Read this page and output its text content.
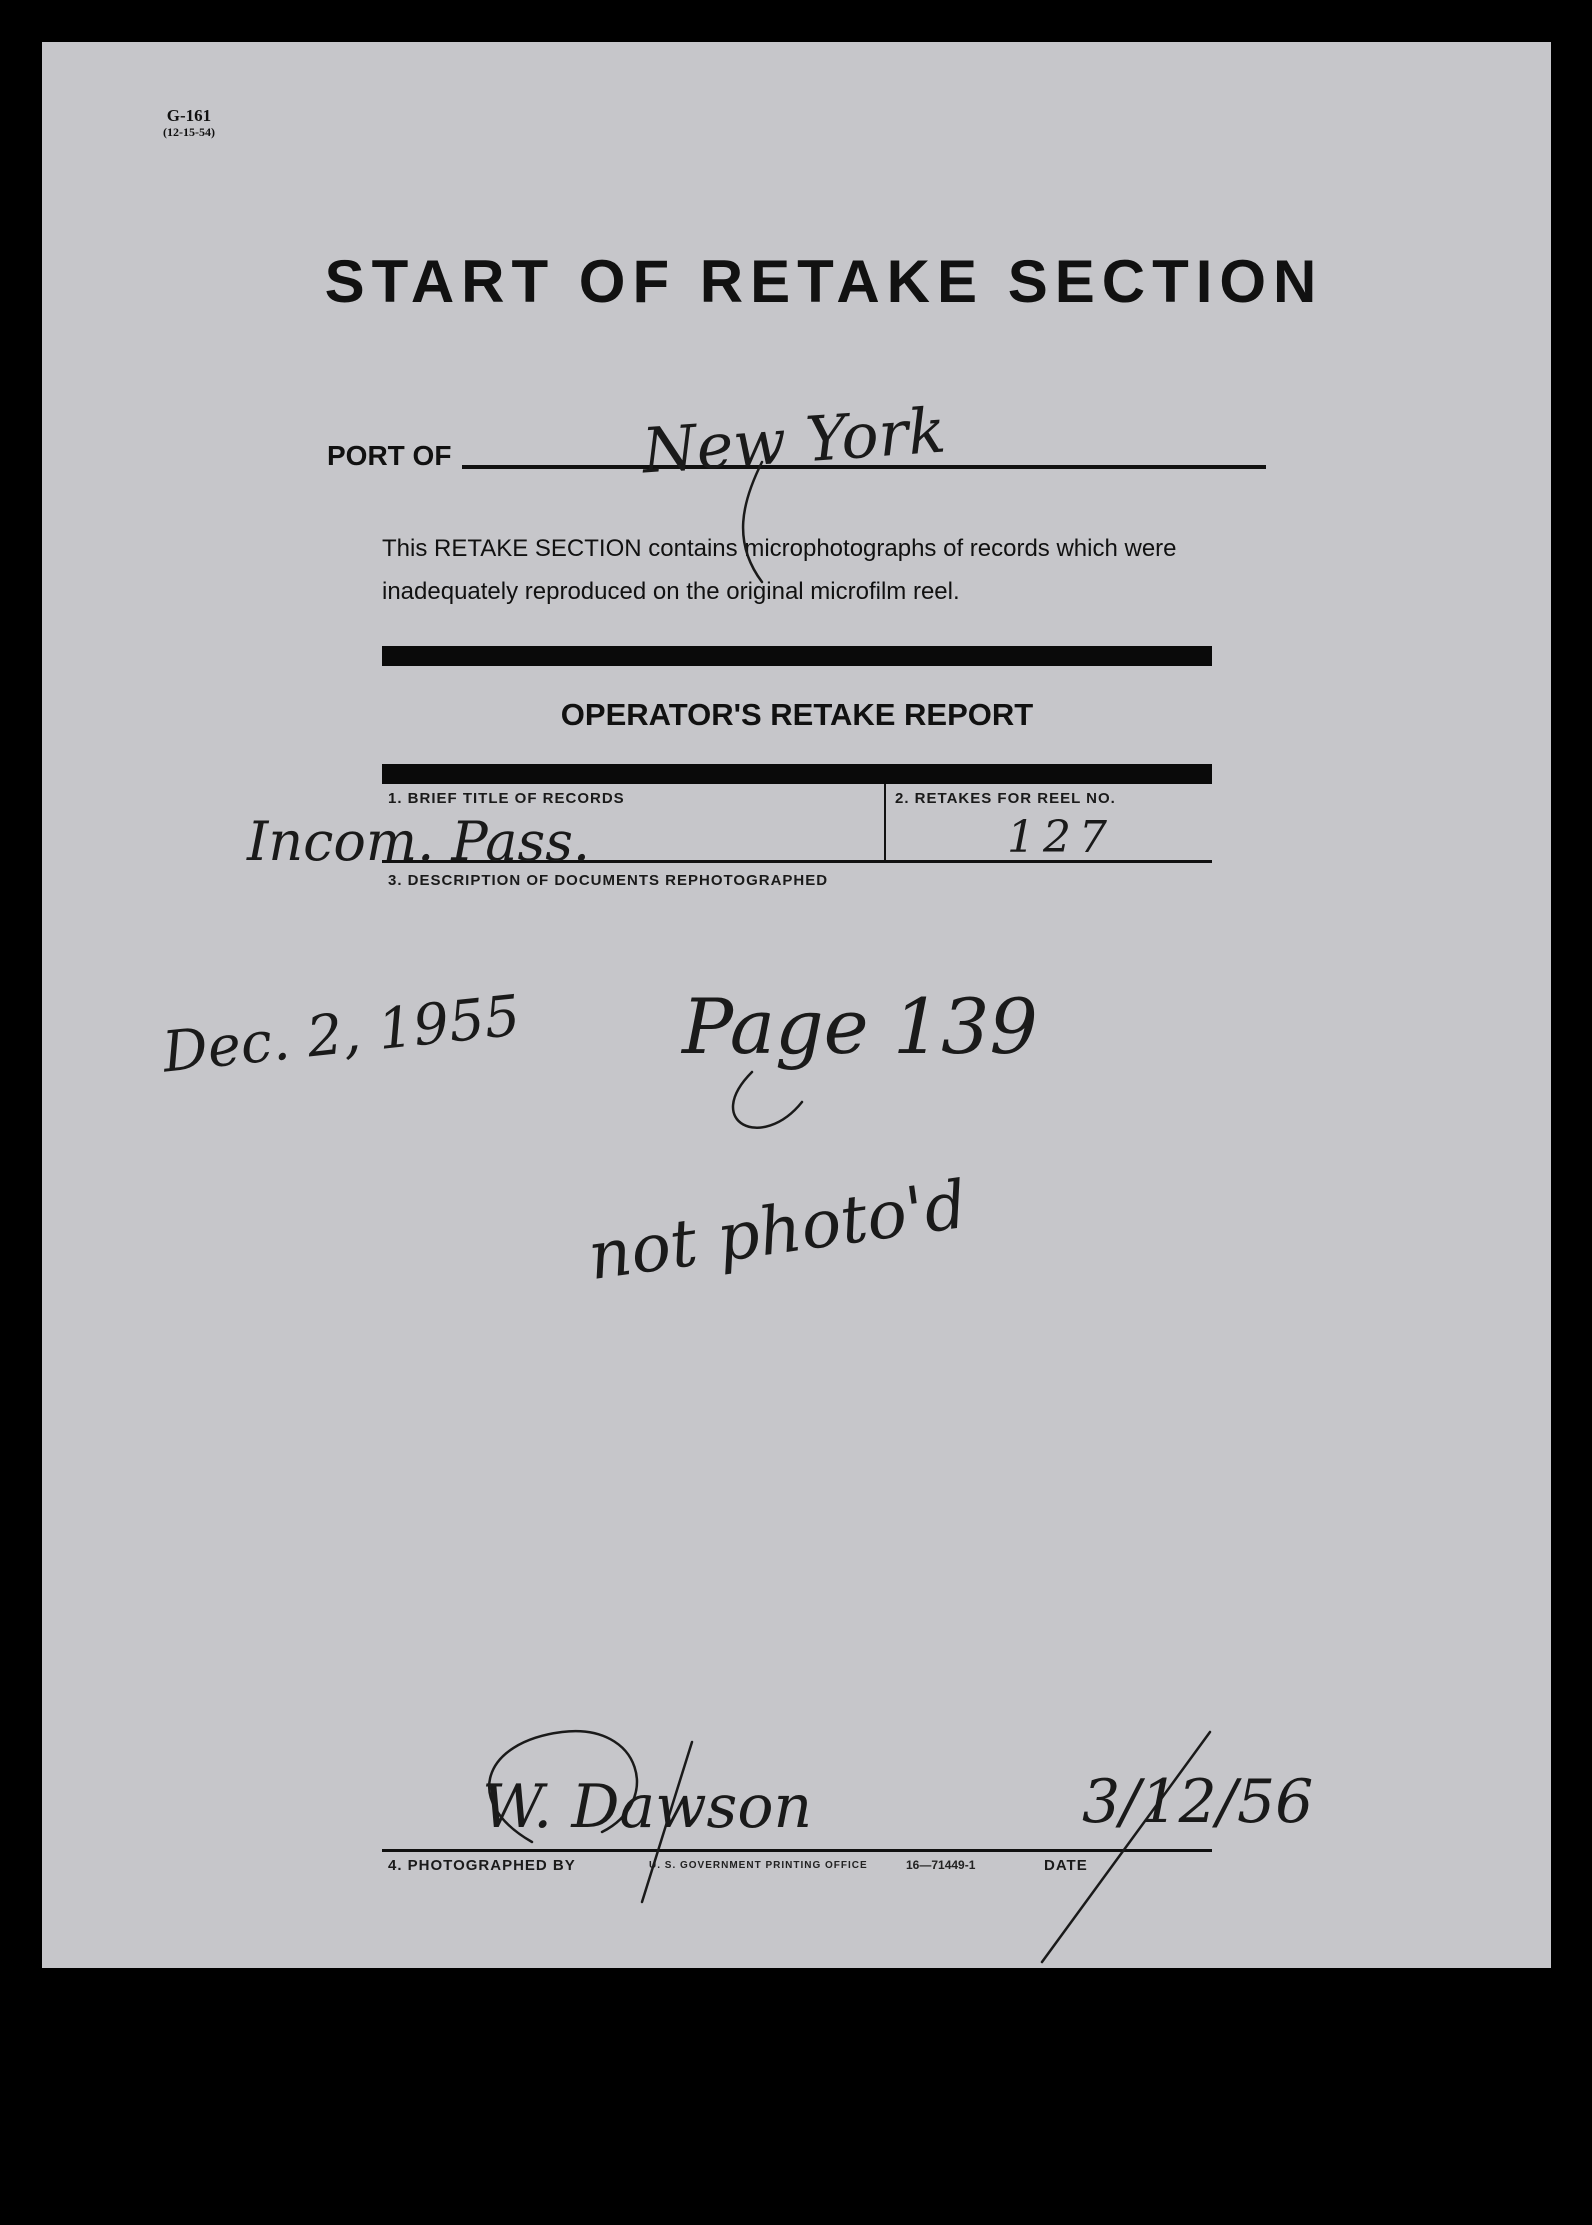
G-161
(12-15-54)
START OF RETAKE SECTION
PORT OF	New York
This RETAKE SECTION contains microphotographs of records which were inadequately reproduced on the original microfilm reel.
OPERATOR'S RETAKE REPORT
1. BRIEF TITLE OF RECORDS	2. RETAKES FOR REEL NO.
Incom. Pass.	127
3. DESCRIPTION OF DOCUMENTS REPHOTOGRAPHED
Dec. 2, 1955 Page 139
not photo'd
W. Dawson	3/12/56
4. PHOTOGRAPHED BY	U. S. GOVERNMENT PRINTING OFFICE	16—71449-1	DATE
